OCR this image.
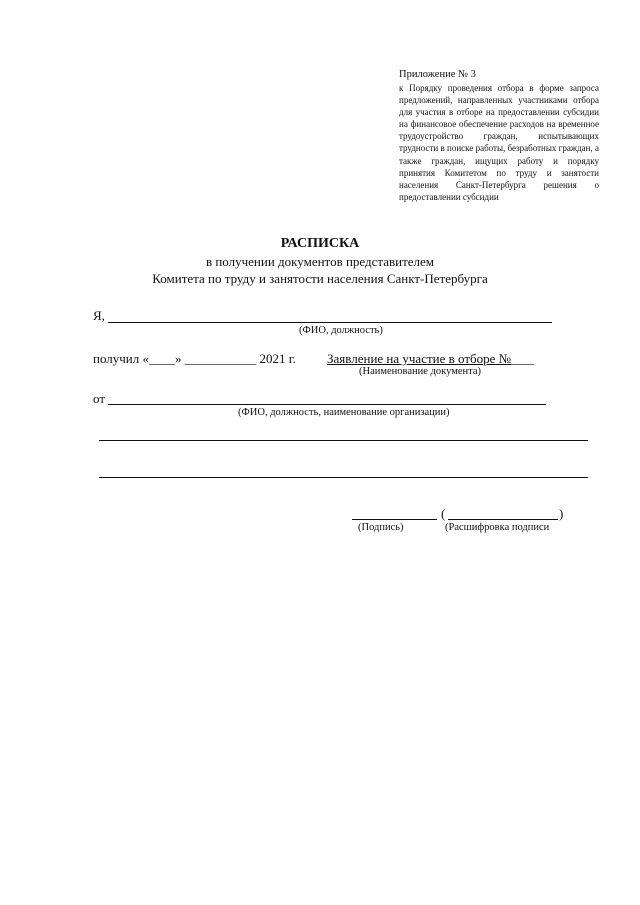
Приложение № 3
к Порядку проведения отбора в форме запроса предложений, направленных участниками отбора для участия в отборе на предоставлении субсидии на финансовое обеспечение расходов на временное трудоустройство граждан, испытывающих трудности в поиске работы, безработных граждан, а также граждан, ищущих работу и порядку принятия Комитетом по труду и занятости населения Санкт-Петербурга решения о предоставлении субсидии
РАСПИСКА
в получении документов представителем
Комитета по труду и занятости населения Санкт-Петербурга
Я,
(ФИО, должность)
получил «____» ___________ 2021 г. Заявление на участие в отборе №
____
(Наименование документа)
от
(ФИО, должность, наименование организации)
(Подпись)
(	)
(Расшифровка подписи
